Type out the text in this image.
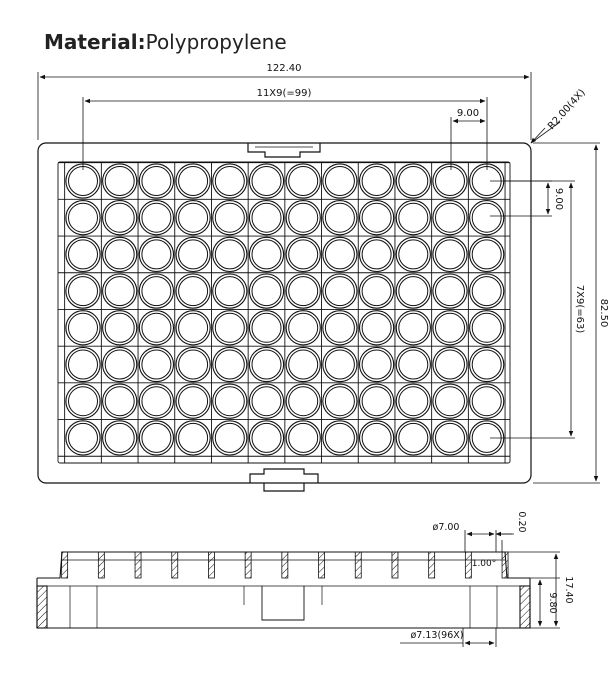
Material:Polypropylene
122.40
11X9(=99)
9.00	R2.00(4X)
9.00
7X9(=63) 82.50
ø7.00	0.20
1.00°
17.40
9.80
ø7.13(96X)
